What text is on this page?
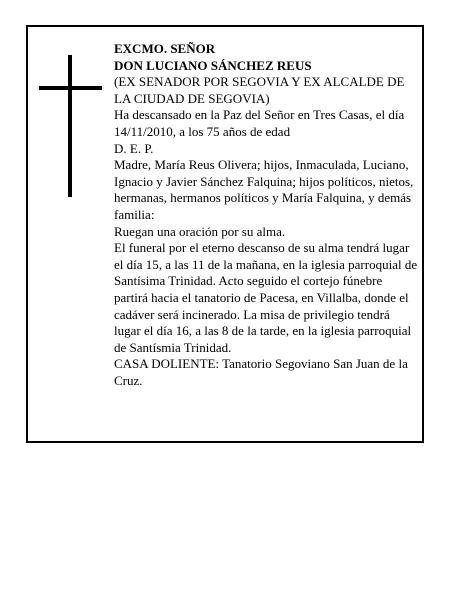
EXCMO. SEÑOR

DON LUCIANO SÁNCHEZ REUS

(EX SENADOR POR SEGOVIA Y EX ALCALDE DE LA CIUDAD DE SEGOVIA)

Ha descansado en la Paz del Señor en Tres Casas, el día 14/11/2010, a los 75 años de edad

D. E. P.

Madre, María Reus Olivera; hijos, Inmaculada, Luciano, Ignacio y Javier Sánchez Falquina; hijos políticos, nietos, hermanas, hermanos políticos y María Falquina, y demás familia:

Ruegan una oración por su alma.

El funeral por el eterno descanso de su alma tendrá lugar el día 15, a las 11 de la mañana, en la iglesia parroquial de Santísima Trinidad. Acto seguido el cortejo fúnebre partirá hacia el tanatorio de Pacesa, en Villalba, donde el cadáver será incinerado. La misa de privilegio tendrá lugar el día 16, a las 8 de la tarde, en la iglesia parroquial de Santísmia Trinidad.

CASA DOLIENTE: Tanatorio Segoviano San Juan de la Cruz.
